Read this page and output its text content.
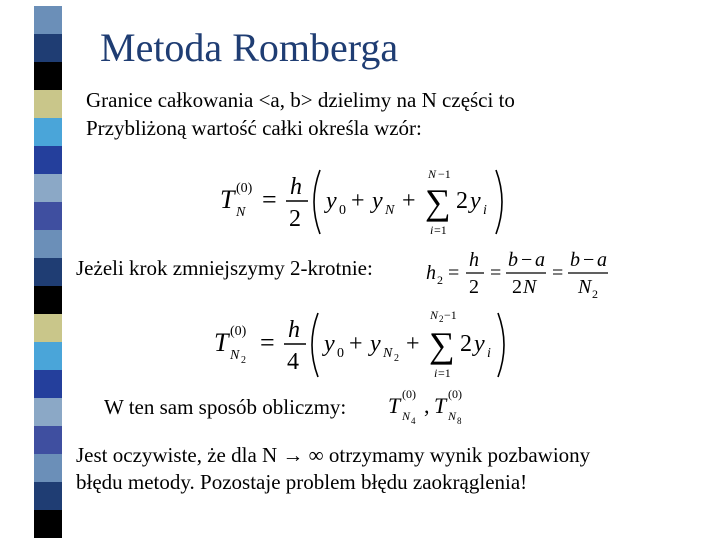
Metoda Romberga
Granice całkowania <a, b> dzielimy na N części to
Przybliżoną wartość całki określa wzór:
T (0)
N = h
2
y 0 + y N +
N −1
∑
i =1
2 y i
Jeżeli krok zmniejszymy 2-krotnie:	h 2 =
h
2
=
b − a
2 N
=
b − a
N 2
T (0)
N 2
= h
4
y 0 + y N 2
+
N 2 −1
∑
i =1
2 y i
W ten sam sposób obliczmy: T (0)
N 4
, T (0)
N 8
Jest oczywiste, że dla N → ∞ otrzymamy wynik pozbawiony
błędu metody. Pozostaje problem błędu zaokrąglenia!
